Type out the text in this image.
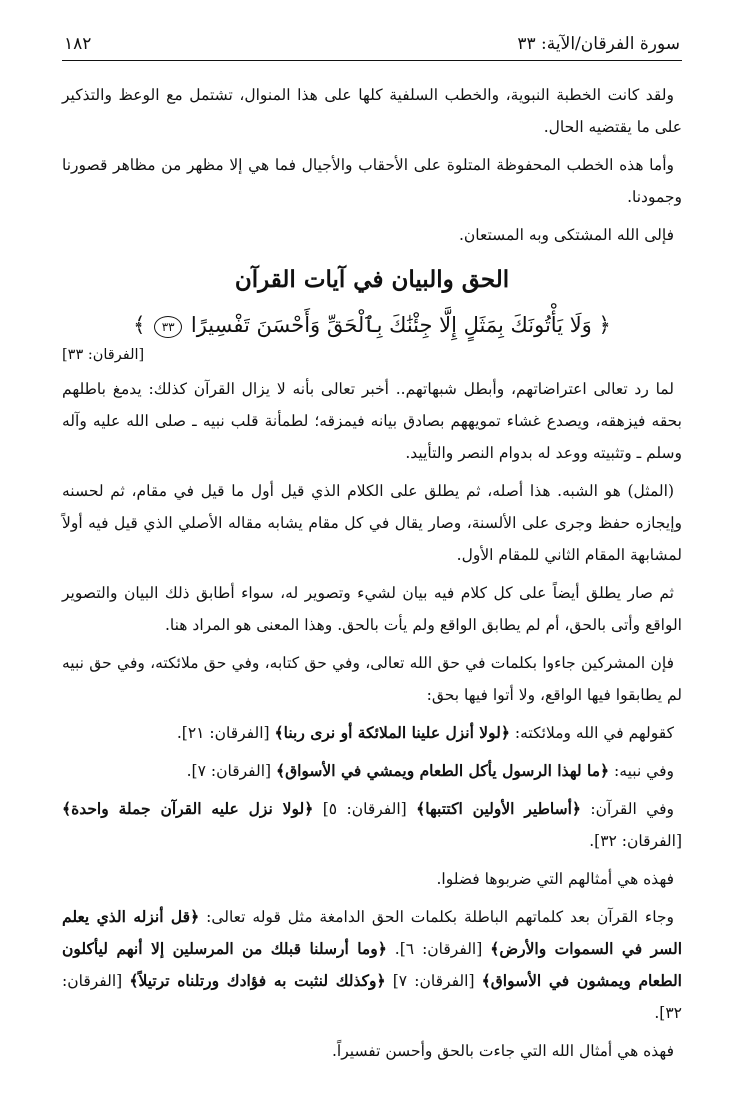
سورة الفرقان/الآية: ٣٣
١٨٢

ولقد كانت الخطبة النبوية، والخطب السلفية كلها على هذا المنوال، تشتمل مع الوعظ والتذكير على ما يقتضيه الحال.

وأما هذه الخطب المحفوظة المتلوة على الأحقاب والأجيال فما هي إلا مظهر من مظاهر قصورنا وجمودنا.

فإلى الله المشتكى وبه المستعان.

الحق والبيان في آيات القرآن
﴿ وَلَا يَأْتُونَكَ بِمَثَلٍ إِلَّا جِئْنَٰكَ بِٱلْحَقِّ وَأَحْسَنَ تَفْسِيرًا ٣٣ ﴾
[الفرقان: ٣٣]

لما رد تعالى اعتراضاتهم، وأبطل شبهاتهم.. أخبر تعالى بأنه لا يزال القرآن كذلك: يدمغ باطلهم بحقه فيزهقه، ويصدع غشاء تمويههم بصادق بيانه فيمزقه؛ لطمأنة قلب نبيه ـ صلى الله عليه وآله وسلم ـ وتثبيته ووعد له بدوام النصر والتأييد.

(المثل) هو الشبه. هذا أصله، ثم يطلق على الكلام الذي قيل أول ما قيل في مقام، ثم لحسنه وإيجازه حفظ وجرى على الألسنة، وصار يقال في كل مقام يشابه مقاله الأصلي الذي قيل فيه أولاً لمشابهة المقام الثاني للمقام الأول.

ثم صار يطلق أيضاً على كل كلام فيه بيان لشيء وتصوير له، سواء أطابق ذلك البيان والتصوير الواقع وأتى بالحق، أم لم يطابق الواقع ولم يأت بالحق. وهذا المعنى هو المراد هنا.

فإن المشركين جاءوا بكلمات في حق الله تعالى، وفي حق كتابه، وفي حق ملائكته، وفي حق نبيه لم يطابقوا فيها الواقع، ولا أتوا فيها بحق:

كقولهم في الله وملائكته: ﴿لولا أنزل علينا الملائكة أو نرى ربنا﴾ [الفرقان: ٢١].

وفي نبيه: ﴿ما لهذا الرسول يأكل الطعام ويمشي في الأسواق﴾ [الفرقان: ٧].

وفي القرآن: ﴿أساطير الأولين اكتتبها﴾ [الفرقان: ٥] ﴿لولا نزل عليه القرآن جملة واحدة﴾ [الفرقان: ٣٢].

فهذه هي أمثالهم التي ضربوها فضلوا.

وجاء القرآن بعد كلماتهم الباطلة بكلمات الحق الدامغة مثل قوله تعالى: ﴿قل أنزله الذي يعلم السر في السموات والأرض﴾ [الفرقان: ٦]. ﴿وما أرسلنا قبلك من المرسلين إلا أنهم ليأكلون الطعام ويمشون في الأسواق﴾ [الفرقان: ٧] ﴿وكذلك لنثبت به فؤادك ورتلناه ترتيلاً﴾ [الفرقان: ٣٢].

فهذه هي أمثال الله التي جاءت بالحق وأحسن تفسيراً.
